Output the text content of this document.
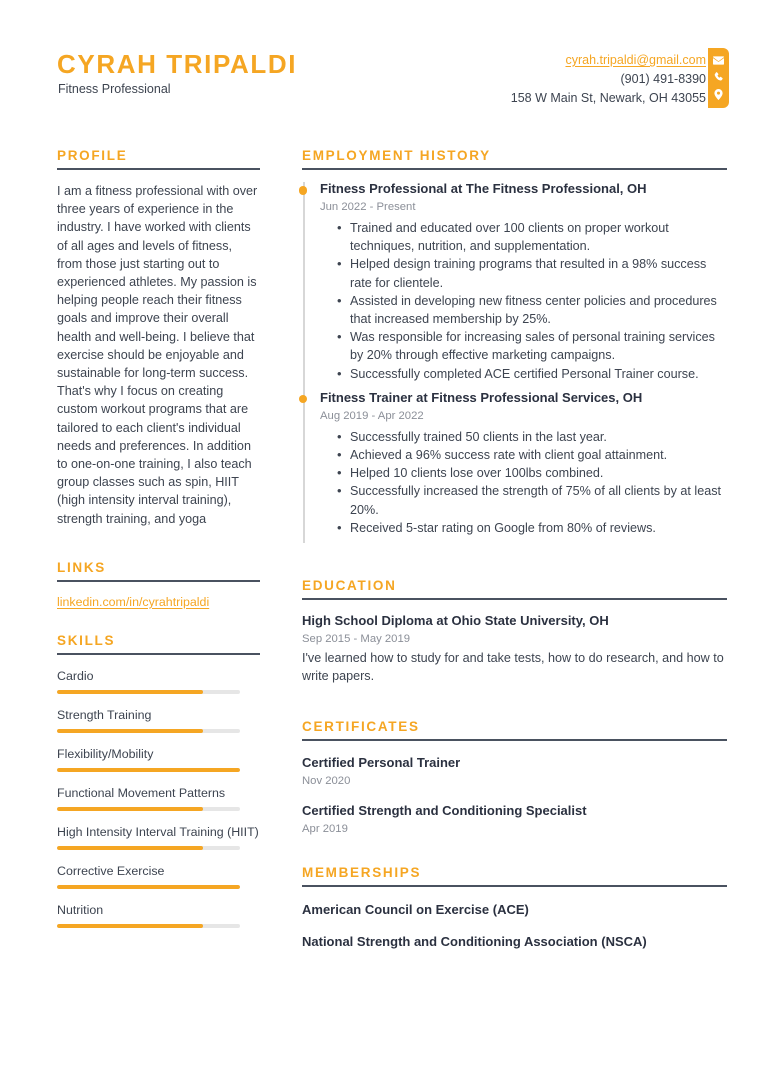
CYRAH TRIPALDI
Fitness Professional
cyrah.tripaldi@gmail.com
(901) 491-8390
158 W Main St, Newark, OH 43055
PROFILE
I am a fitness professional with over three years of experience in the industry. I have worked with clients of all ages and levels of fitness, from those just starting out to experienced athletes. My passion is helping people reach their fitness goals and improve their overall health and well-being. I believe that exercise should be enjoyable and sustainable for long-term success. That's why I focus on creating custom workout programs that are tailored to each client's individual needs and preferences. In addition to one-on-one training, I also teach group classes such as spin, HIIT (high intensity interval training), strength training, and yoga
LINKS
linkedin.com/in/cyrahtripaldi
SKILLS
Cardio
Strength Training
Flexibility/Mobility
Functional Movement Patterns
High Intensity Interval Training (HIIT)
Corrective Exercise
Nutrition
EMPLOYMENT HISTORY
Fitness Professional at The Fitness Professional, OH
Jun 2022 - Present
• Trained and educated over 100 clients on proper workout techniques, nutrition, and supplementation.
• Helped design training programs that resulted in a 98% success rate for clientele.
• Assisted in developing new fitness center policies and procedures that increased membership by 25%.
• Was responsible for increasing sales of personal training services by 20% through effective marketing campaigns.
• Successfully completed ACE certified Personal Trainer course.
Fitness Trainer at Fitness Professional Services, OH
Aug 2019 - Apr 2022
• Successfully trained 50 clients in the last year.
• Achieved a 96% success rate with client goal attainment.
• Helped 10 clients lose over 100lbs combined.
• Successfully increased the strength of 75% of all clients by at least 20%.
• Received 5-star rating on Google from 80% of reviews.
EDUCATION
High School Diploma at Ohio State University, OH
Sep 2015 - May 2019
I've learned how to study for and take tests, how to do research, and how to write papers.
CERTIFICATES
Certified Personal Trainer
Nov 2020
Certified Strength and Conditioning Specialist
Apr 2019
MEMBERSHIPS
American Council on Exercise (ACE)
National Strength and Conditioning Association (NSCA)
